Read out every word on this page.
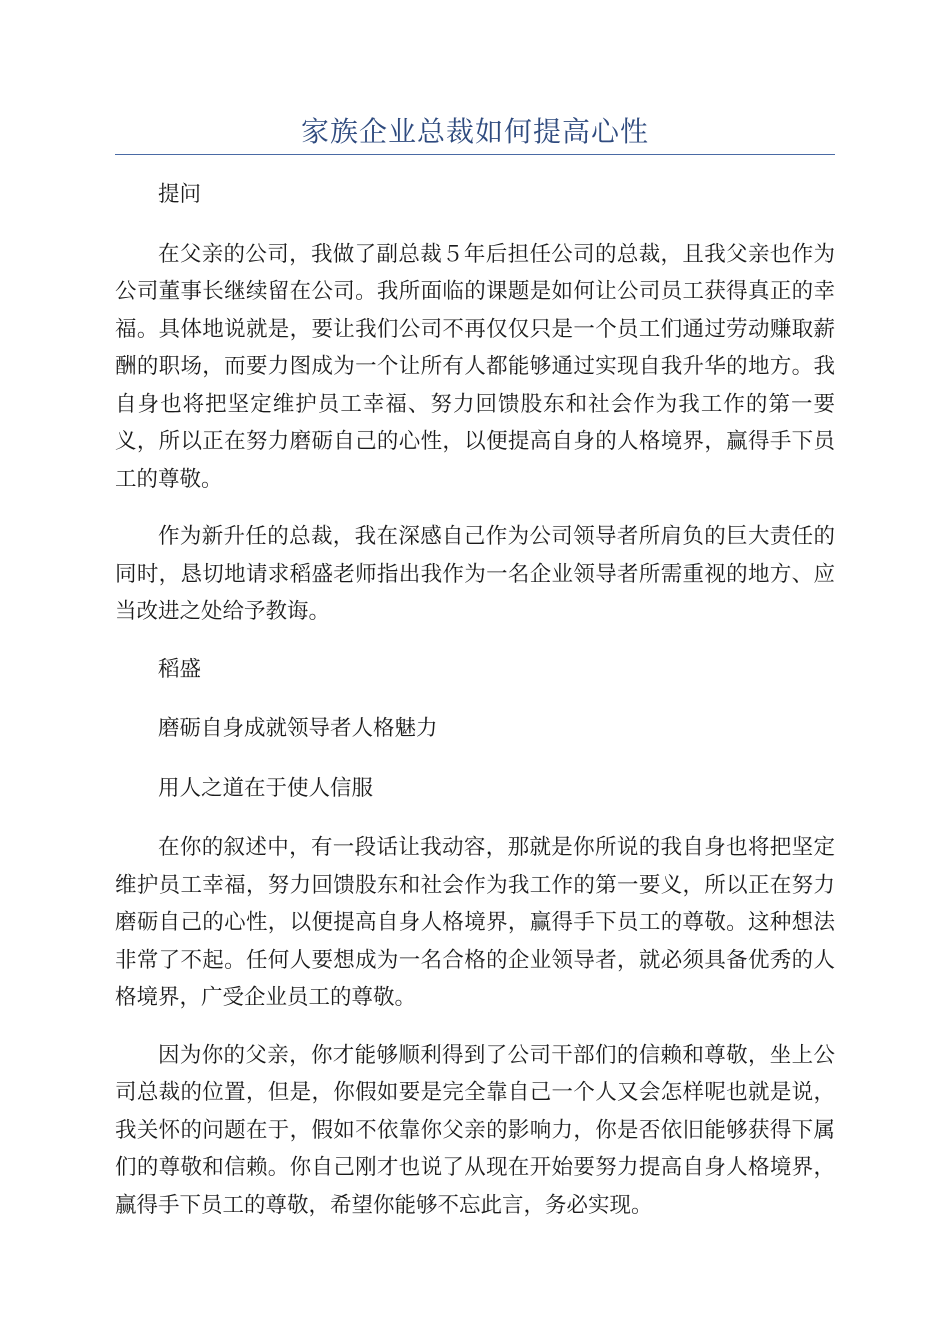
家族企业总裁如何提高心性

提问

在父亲的公司，我做了副总裁５年后担任公司的总裁，且我父亲也作为公司董事长继续留在公司。我所面临的课题是如何让公司员工获得真正的幸福。具体地说就是，要让我们公司不再仅仅只是一个员工们通过劳动赚取薪酬的职场，而要力图成为一个让所有人都能够通过实现自我升华的地方。我自身也将把坚定维护员工幸福、努力回馈股东和社会作为我工作的第一要义，所以正在努力磨砺自己的心性，以便提高自身的人格境界，赢得手下员工的尊敬。

作为新升任的总裁，我在深感自己作为公司领导者所肩负的巨大责任的同时，恳切地请求稻盛老师指出我作为一名企业领导者所需重视的地方、应当改进之处给予教诲。

稻盛

磨砺自身成就领导者人格魅力

用人之道在于使人信服

在你的叙述中，有一段话让我动容，那就是你所说的我自身也将把坚定维护员工幸福，努力回馈股东和社会作为我工作的第一要义，所以正在努力磨砺自己的心性，以便提高自身人格境界，赢得手下员工的尊敬。这种想法非常了不起。任何人要想成为一名合格的企业领导者，就必须具备优秀的人格境界，广受企业员工的尊敬。

因为你的父亲，你才能够顺利得到了公司干部们的信赖和尊敬，坐上公司总裁的位置，但是，你假如要是完全靠自己一个人又会怎样呢也就是说，我关怀的问题在于，假如不依靠你父亲的影响力，你是否依旧能够获得下属们的尊敬和信赖。你自己刚才也说了从现在开始要努力提高自身人格境界，赢得手下员工的尊敬，希望你能够不忘此言，务必实现。
